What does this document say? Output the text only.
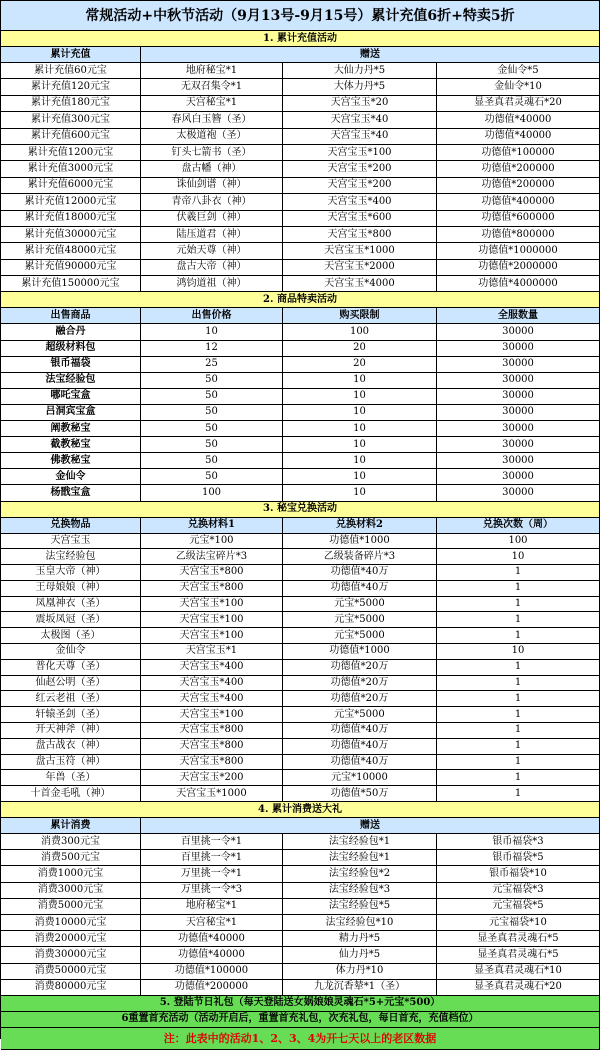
常规活动+中秋节活动（9月13号-9月15号）累计充值6折+特卖5折
1. 累计充值活动
累计充值	赠送
累计充值60元宝	地府秘宝*1	大仙力丹*5	金仙令*5
累计充值120元宝	无双召集令*1	大体力丹*5	金仙令*10
累计充值180元宝	天宫秘宝*1	天宫宝玉*20	显圣真君灵魂石*20
累计充值300元宝	春风白玉簪（圣）	天宫宝玉*40	功德值*40000
累计充值600元宝	太极道袍（圣）	天宫宝玉*40	功德值*40000
累计充值1200元宝	钉头七箭书（圣）	天宫宝玉*100	功德值*100000
累计充值3000元宝	盘古幡（神）	天宫宝玉*200	功德值*200000
累计充值6000元宝	诛仙剑谱（神）	天宫宝玉*200	功德值*200000
累计充值12000元宝	青帝八卦衣（神）	天宫宝玉*400	功德值*400000
累计充值18000元宝	伏羲巨剑（神）	天宫宝玉*600	功德值*600000
累计充值30000元宝	陆压道君（神）	天宫宝玉*800	功德值*800000
累计充值48000元宝	元始天尊（神）	天宫宝玉*1000	功德值*1000000
累计充值90000元宝	盘古大帝（神）	天宫宝玉*2000	功德值*2000000
累计充值150000元宝	鸿钧道祖（神）	天宫宝玉*4000	功德值*4000000
2. 商品特卖活动
出售商品	出售价格	购买限制	全服数量
融合丹	10	100	30000
超级材料包	12	20	30000
银币福袋	25	20	30000
法宝经验包	50	10	30000
哪吒宝盒	50	10	30000
吕洞宾宝盒	50	10	30000
阐教秘宝	50	10	30000
截教秘宝	50	10	30000
佛教秘宝	50	10	30000
金仙令	50	10	30000
杨戬宝盒	100	10	30000
3. 秘宝兑换活动
兑换物品	兑换材料1	兑换材料2	兑换次数（周）
天宫宝玉	元宝*100	功德值*1000	100
法宝经验包	乙级法宝碎片*3	乙级装备碎片*3	10
玉皇大帝（神）	天宫宝玉*800	功德值*40万	1
王母娘娘（神）	天宫宝玉*800	功德值*40万	1
凤凰神衣（圣）	天宫宝玉*100	元宝*5000	1
震坂凤冠（圣）	天宫宝玉*100	元宝*5000	1
太极图（圣）	天宫宝玉*100	元宝*5000	1
金仙令	天宫宝玉*1	功德值*1000	10
普化天尊（圣）	天宫宝玉*400	功德值*20万	1
仙赵公明（圣）	天宫宝玉*400	功德值*20万	1
红云老祖（圣）	天宫宝玉*400	功德值*20万	1
轩辕圣剑（圣）	天宫宝玉*100	元宝*5000	1
开天神斧（神）	天宫宝玉*800	功德值*40万	1
盘古战衣（神）	天宫宝玉*800	功德值*40万	1
盘古玉符（神）	天宫宝玉*800	功德值*40万	1
年兽（圣）	天宫宝玉*200	元宝*10000	1
十首金毛吼（神）	天宫宝玉*1000	功德值*50万	1
4. 累计消费送大礼
累计消费	赠送
消费300元宝	百里挑一令*1	法宝经验包*1	银币福袋*3
消费500元宝	百里挑一令*1	法宝经验包*1	银币福袋*5
消费1000元宝	万里挑一令*1	法宝经验包*2	银币福袋*10
消费3000元宝	万里挑一令*3	法宝经验包*3	元宝福袋*3
消费5000元宝	地府秘宝*1	法宝经验包*5	元宝福袋*5
消费10000元宝	天宫秘宝*1	法宝经验包*10	元宝福袋*10
消费20000元宝	功德值*40000	精力丹*5	显圣真君灵魂石*5
消费30000元宝	功德值*40000	仙力丹*5	显圣真君灵魂石*5
消费50000元宝	功德值*100000	体力丹*10	显圣真君灵魂石*10
消费80000元宝	功德值*200000	九龙沉香辇*1（圣）	显圣真君灵魂石*20
5. 登陆节日礼包（每天登陆送女娲娘娘灵魂石*5+元宝*500）
6重置首充活动（活动开启后，重置首充礼包，次充礼包，每日首充，充值档位）
注：此表中的活动1、2、3、4为开七天以上的老区数据
